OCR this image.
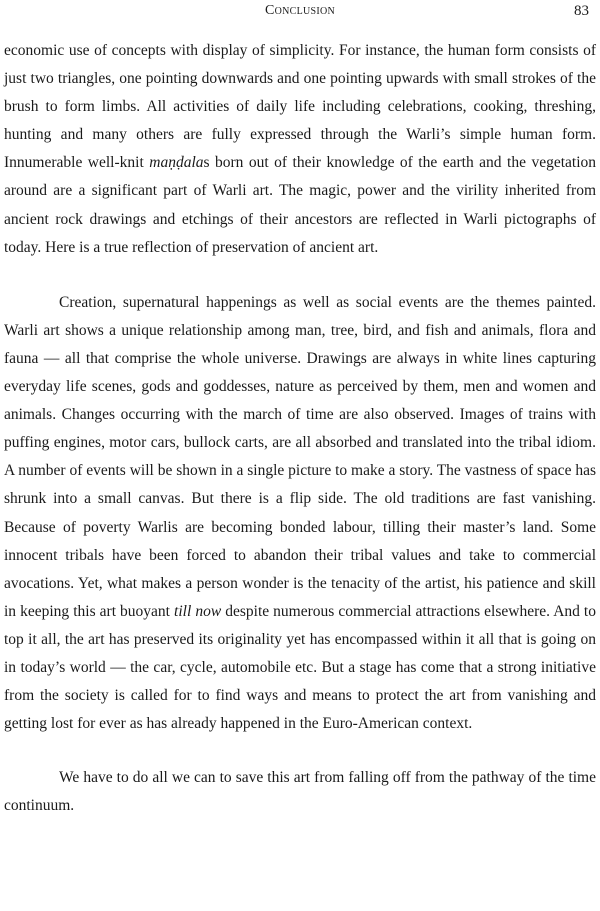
Conclusion	83

economic use of concepts with display of simplicity. For instance, the human form consists of just two triangles, one pointing downwards and one pointing upwards with small strokes of the brush to form limbs. All activities of daily life including celebrations, cooking, threshing, hunting and many others are fully expressed through the Warli’s simple human form. Innumerable well-knit maṇḍalas born out of their knowledge of the earth and the vegetation around are a significant part of Warli art. The magic, power and the virility inherited from ancient rock drawings and etchings of their ancestors are reflected in Warli pictographs of today. Here is a true reflection of preservation of ancient art.

Creation, supernatural happenings as well as social events are the themes painted. Warli art shows a unique relationship among man, tree, bird, and fish and animals, flora and fauna — all that comprise the whole universe. Drawings are always in white lines capturing everyday life scenes, gods and goddesses, nature as perceived by them, men and women and animals. Changes occurring with the march of time are also observed. Images of trains with puffing engines, motor cars, bullock carts, are all absorbed and translated into the tribal idiom. A number of events will be shown in a single picture to make a story. The vastness of space has shrunk into a small canvas. But there is a flip side. The old traditions are fast vanishing. Because of poverty Warlis are becoming bonded labour, tilling their master’s land. Some innocent tribals have been forced to abandon their tribal values and take to commercial avocations. Yet, what makes a person wonder is the tenacity of the artist, his patience and skill in keeping this art buoyant till now despite numerous commercial attractions elsewhere. And to top it all, the art has preserved its originality yet has encompassed within it all that is going on in today’s world — the car, cycle, automobile etc. But a stage has come that a strong initiative from the society is called for to find ways and means to protect the art from vanishing and getting lost for ever as has already happened in the Euro-American context.

We have to do all we can to save this art from falling off from the pathway of the time continuum.
